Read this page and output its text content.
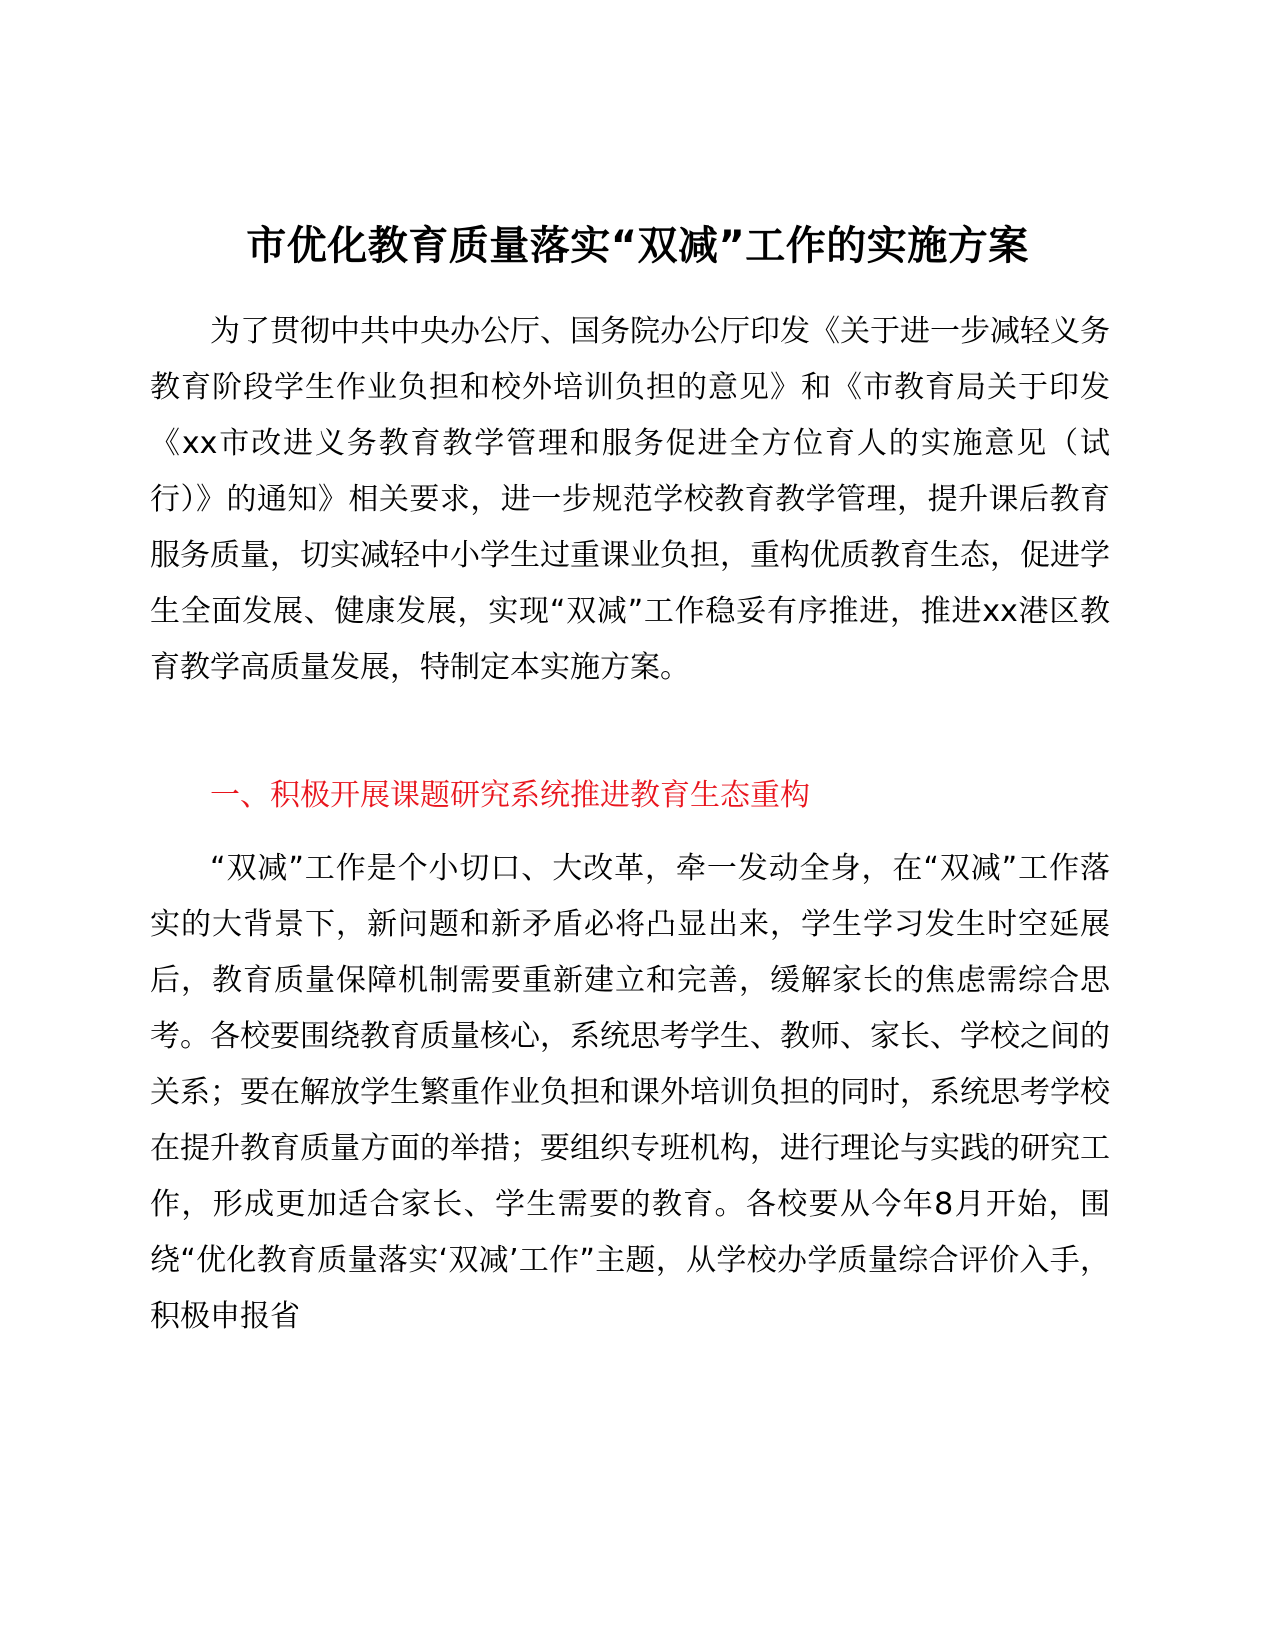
市优化教育质量落实“双减”工作的实施方案

为了贯彻中共中央办公厅、国务院办公厅印发《关于进一步减轻义务教育阶段学生作业负担和校外培训负担的意见》和《市教育局关于印发《xx市改进义务教育教学管理和服务促进全方位育人的实施意见（试行）》的通知》相关要求，进一步规范学校教育教学管理，提升课后教育服务质量，切实减轻中小学生过重课业负担，重构优质教育生态，促进学生全面发展、健康发展，实现“双减”工作稳妥有序推进，推进xx港区教育教学高质量发展，特制定本实施方案。

一、积极开展课题研究系统推进教育生态重构

“双减”工作是个小切口、大改革，牵一发动全身，在“双减”工作落实的大背景下，新问题和新矛盾必将凸显出来，学生学习发生时空延展后，教育质量保障机制需要重新建立和完善，缓解家长的焦虑需综合思考。各校要围绕教育质量核心，系统思考学生、教师、家长、学校之间的关系；要在解放学生繁重作业负担和课外培训负担的同时，系统思考学校在提升教育质量方面的举措；要组织专班机构，进行理论与实践的研究工作，形成更加适合家长、学生需要的教育。各校要从今年8月开始，围绕“优化教育质量落实‘双减’工作”主题，从学校办学质量综合评价入手，积极申报省
